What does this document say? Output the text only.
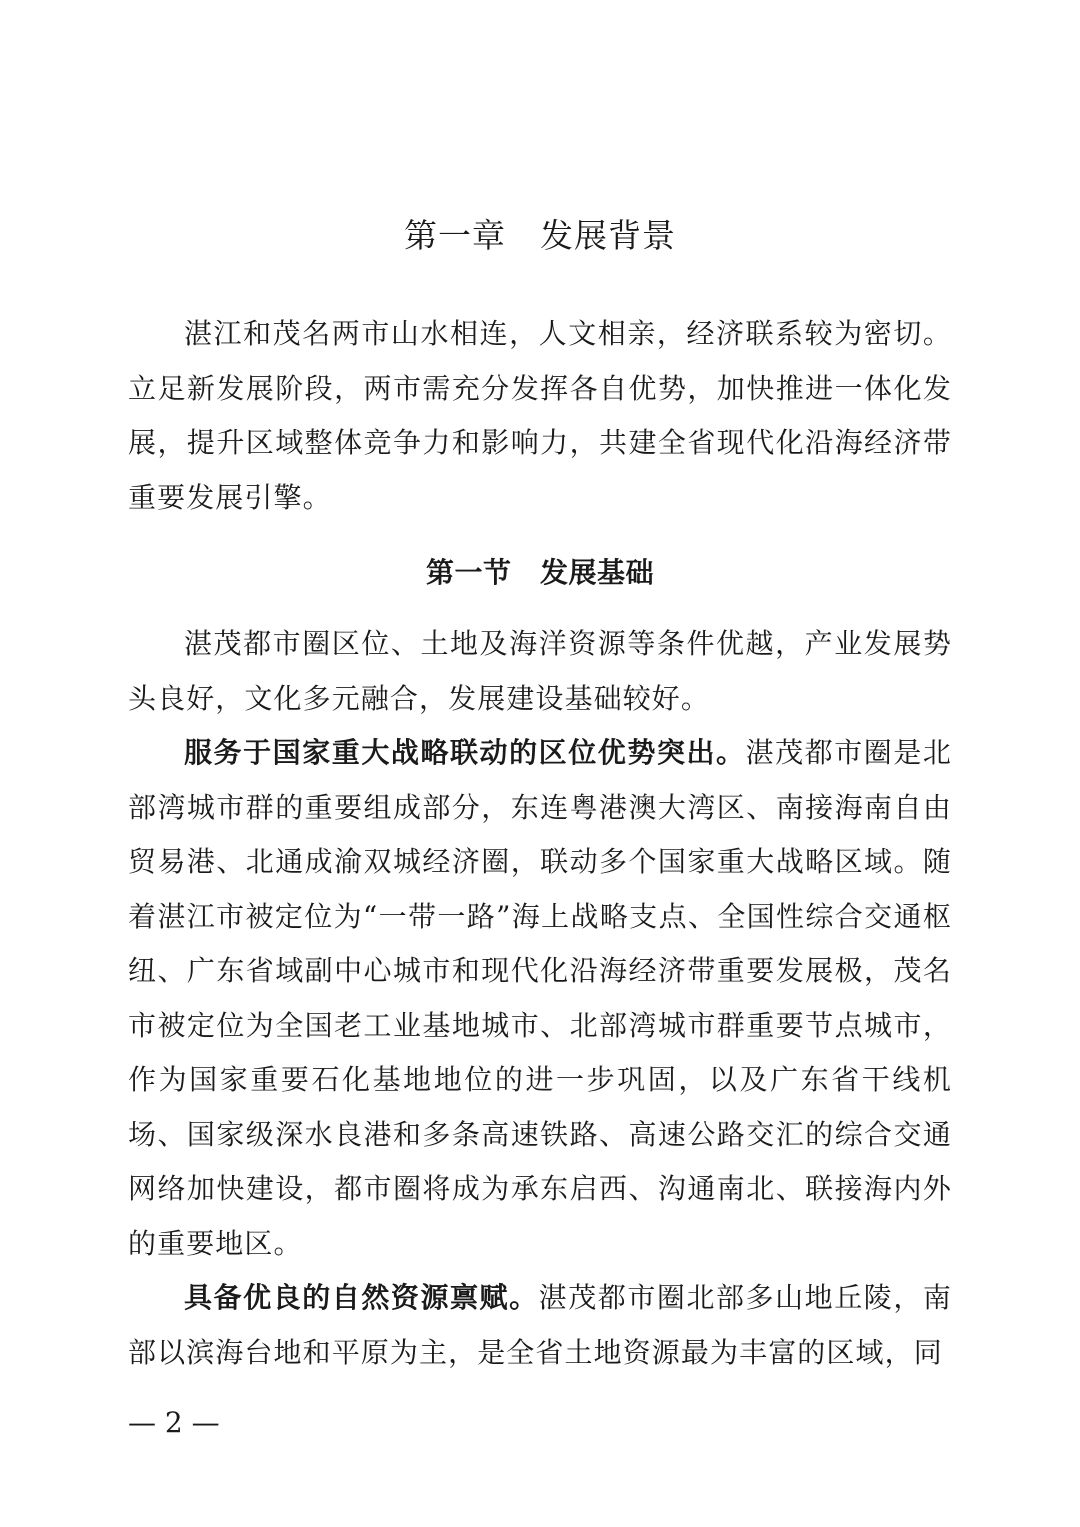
第一章　发展背景

湛江和茂名两市山水相连，人文相亲，经济联系较为密切。立足新发展阶段，两市需充分发挥各自优势，加快推进一体化发展，提升区域整体竞争力和影响力，共建全省现代化沿海经济带重要发展引擎。

第一节　发展基础

湛茂都市圈区位、土地及海洋资源等条件优越，产业发展势头良好，文化多元融合，发展建设基础较好。

服务于国家重大战略联动的区位优势突出。湛茂都市圈是北部湾城市群的重要组成部分，东连粤港澳大湾区、南接海南自由贸易港、北通成渝双城经济圈，联动多个国家重大战略区域。随着湛江市被定位为“一带一路”海上战略支点、全国性综合交通枢纽、广东省域副中心城市和现代化沿海经济带重要发展极，茂名市被定位为全国老工业基地城市、北部湾城市群重要节点城市，作为国家重要石化基地地位的进一步巩固，以及广东省干线机场、国家级深水良港和多条高速铁路、高速公路交汇的综合交通网络加快建设，都市圈将成为承东启西、沟通南北、联接海内外的重要地区。

具备优良的自然资源禀赋。湛茂都市圈北部多山地丘陵，南部以滨海台地和平原为主，是全省土地资源最为丰富的区域，同

— 2 —
